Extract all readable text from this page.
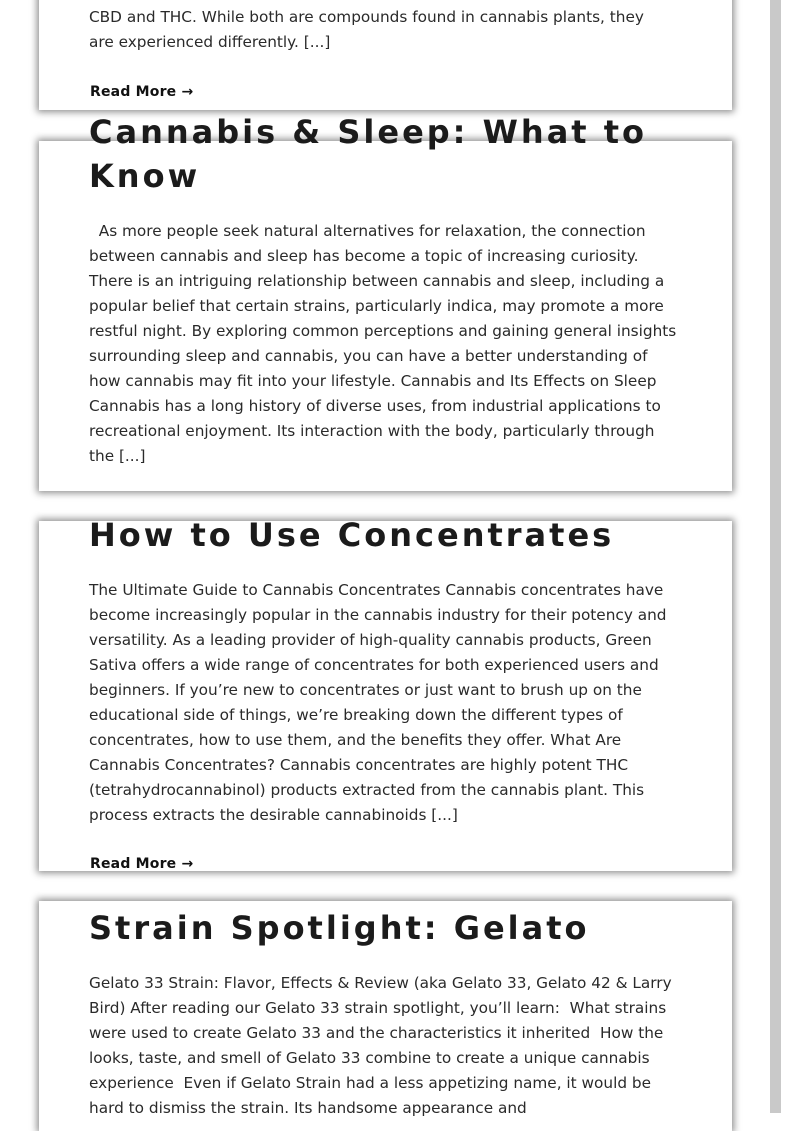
CBD and THC. While both are compounds found in cannabis plants, they
are experienced differently. [...]

Read More →
Cannabis & Sleep: What to
Know

As more people seek natural alternatives for relaxation, the connection between cannabis and sleep has become a topic of increasing curiosity. There is an intriguing relationship between cannabis and sleep, including a popular belief that certain strains, particularly indica, may promote a more restful night. By exploring common perceptions and gaining general insights surrounding sleep and cannabis, you can have a better understanding of how cannabis may fit into your lifestyle. Cannabis and Its Effects on Sleep Cannabis has a long history of diverse uses, from industrial applications to recreational enjoyment. Its interaction with the body, particularly through the [...]

How to Use Concentrates

The Ultimate Guide to Cannabis Concentrates Cannabis concentrates have become increasingly popular in the cannabis industry for their potency and versatility. As a leading provider of high-quality cannabis products, Green Sativa offers a wide range of concentrates for both experienced users and beginners. If you’re new to concentrates or just want to brush up on the educational side of things, we’re breaking down the different types of concentrates, how to use them, and the benefits they offer. What Are Cannabis Concentrates? Cannabis concentrates are highly potent THC (tetrahydrocannabinol) products extracted from the cannabis plant. This process extracts the desirable cannabinoids [...]

Read More →
Strain Spotlight: Gelato

Gelato 33 Strain: Flavor, Effects & Review (aka Gelato 33, Gelato 42 & Larry Bird) After reading our Gelato 33 strain spotlight, you’ll learn:  What strains were used to create Gelato 33 and the characteristics it inherited  How the looks, taste, and smell of Gelato 33 combine to create a unique cannabis experience  Even if Gelato Strain had a less appetizing name, it would be hard to dismiss the strain. Its handsome appearance and
